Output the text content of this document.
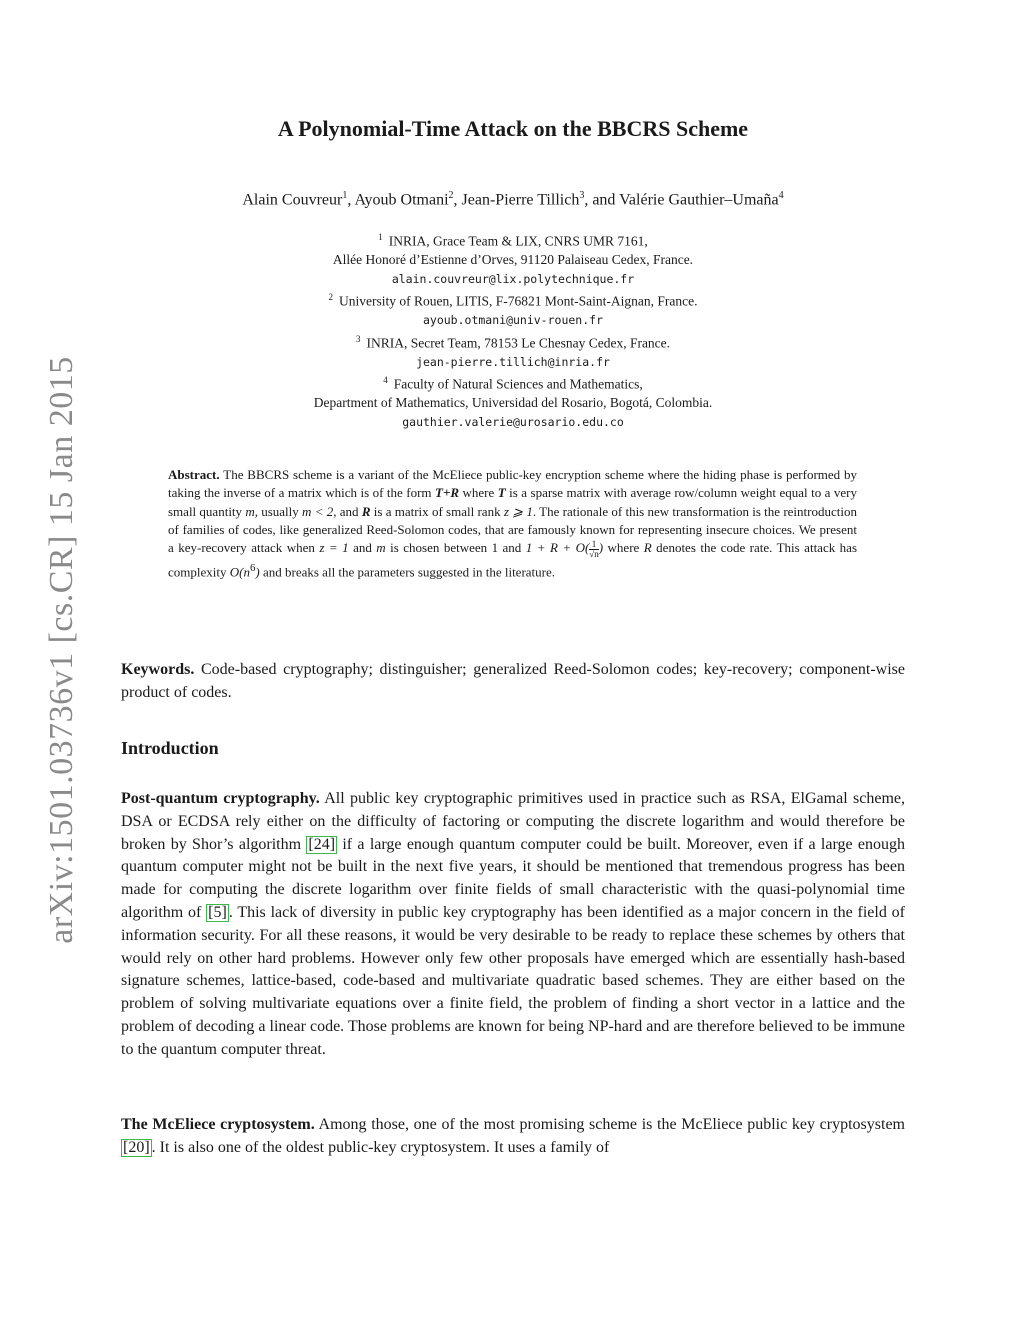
arXiv:1501.03736v1 [cs.CR] 15 Jan 2015
A Polynomial-Time Attack on the BBCRS Scheme
Alain Couvreur$^1$, Ayoub Otmani$^2$, Jean-Pierre Tillich$^3$, and Valérie Gauthier–Umaña$^4$
$^1$ INRIA, Grace Team & LIX, CNRS UMR 7161,
Allée Honoré d’Estienne d’Orves, 91120 Palaiseau Cedex, France.
alain.couvreur@lix.polytechnique.fr
$^2$ University of Rouen, LITIS, F-76821 Mont-Saint-Aignan, France.
ayoub.otmani@univ-rouen.fr
$^3$ INRIA, Secret Team, 78153 Le Chesnay Cedex, France.
jean-pierre.tillich@inria.fr
$^4$ Faculty of Natural Sciences and Mathematics,
Department of Mathematics, Universidad del Rosario, Bogotá, Colombia.
gauthier.valerie@urosario.edu.co
Abstract. The BBCRS scheme is a variant of the McEliece public-key encryption scheme where the hiding phase is performed by taking the inverse of a matrix which is of the form T+R where T is a sparse matrix with average row/column weight equal to a very small quantity m, usually m < 2, and R is a matrix of small rank z ⩾ 1. The rationale of this new transformation is the reintroduction of families of codes, like generalized Reed-Solomon codes, that are famously known for representing insecure choices. We present a key-recovery attack when z = 1 and m is chosen between 1 and $1 + R + O( \frac{1}{√n}$ ) where R denotes the code rate. This attack has complexity $O(n^6)$ and breaks all the parameters suggested in the literature.
Keywords. Code-based cryptography; distinguisher; generalized Reed-Solomon codes; key-recovery; component-wise product of codes.
Introduction
Post-quantum cryptography. All public key cryptographic primitives used in practice such as RSA, ElGamal scheme, DSA or ECDSA rely either on the difficulty of factoring or computing the discrete logarithm and would therefore be broken by Shor’s algorithm [24] if a large enough quantum computer could be built. Moreover, even if a large enough quantum computer might not be built in the next five years, it should be mentioned that tremendous progress has been made for computing the discrete logarithm over finite fields of small characteristic with the quasi-polynomial time algorithm of [5] . This lack of diversity in public key cryptography has been identified as a major concern in the field of information security. For all these reasons, it would be very desirable to be ready to replace these schemes by others that would rely on other hard problems. However only few other proposals have emerged which are essentially hash-based signature schemes, lattice-based, code-based and multivariate quadratic based schemes. They are either based on the problem of solving multivariate equations over a finite field, the problem of finding a short vector in a lattice and the problem of decoding a linear code. Those problems are known for being NP-hard and are therefore believed to be immune to the quantum computer threat.
The McEliece cryptosystem. Among those, one of the most promising scheme is the McEliece public key cryptosystem [20] . It is also one of the oldest public-key cryptosystem. It uses a family of
